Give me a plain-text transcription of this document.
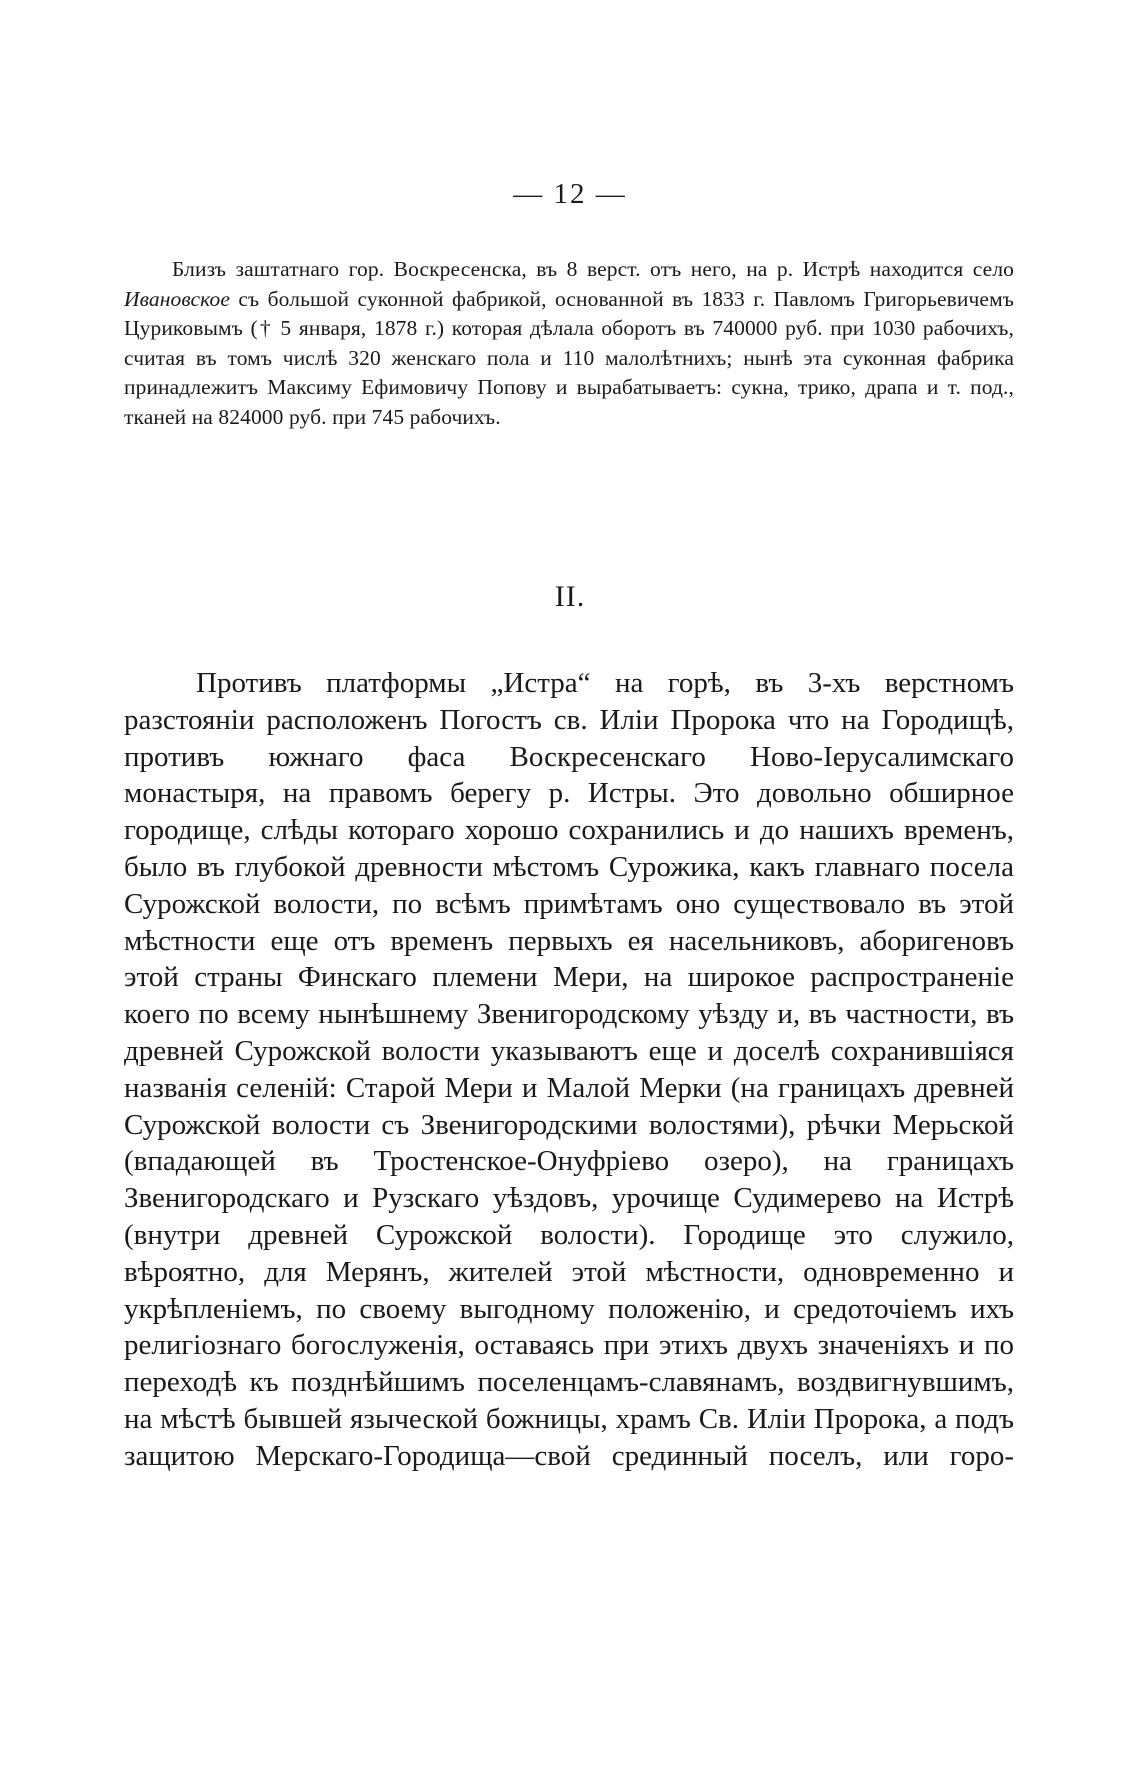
— 12 —

Близъ заштатнаго гор. Воскресенска, въ 8 верст. отъ него, на р. Истрѣ находится село Ивановское съ большой суконной фабрикой, основанной въ 1833 г. Павломъ Григорьевичемъ Цуриковымъ († 5 января, 1878 г.) которая дѣлала оборотъ въ 740000 руб. при 1030 рабочихъ, считая въ томъ числѣ 320 женскаго пола и 110 малолѣтнихъ; нынѣ эта суконная фабрика принадлежитъ Максиму Ефимовичу Попову и вырабатываетъ: сукна, трико, драпа и т. под., тканей на 824000 руб. при 745 рабочихъ.

II.

Противъ платформы „Истра“ на горѣ, въ 3-хъ верстномъ разстояніи расположенъ Погостъ св. Иліи Пророка что на Городищѣ, противъ южнаго фаса Воскресенскаго Ново-Іерусалимскаго монастыря, на правомъ берегу р. Истры. Это довольно обширное городище, слѣды котораго хорошо сохранились и до нашихъ временъ, было въ глубокой древности мѣстомъ Сурожика, какъ главнаго посела Сурожской волости, по всѣмъ примѣтамъ оно существовало въ этой мѣстности еще отъ временъ первыхъ ея насельниковъ, аборигеновъ этой страны Финскаго племени Мери, на широкое распространеніе коего по всему нынѣшнему Звенигородскому уѣзду и, въ частности, въ древней Сурожской волости указываютъ еще и доселѣ сохранившіяся названія селеній: Старой Мери и Малой Мерки (на границахъ древней Сурожской волости съ Звенигородскими волостями), рѣчки Мерьской (впадающей въ Тростенское-Онуфріево озеро), на границахъ Звенигородскаго и Рузскаго уѣздовъ, урочище Судимерево на Истрѣ (внутри древней Сурожской волости). Городище это служило, вѣроятно, для Мерянъ, жителей этой мѣстности, одновременно и укрѣпленіемъ, по своему выгодному положенію, и средоточіемъ ихъ религіознаго богослуженія, оставаясь при этихъ двухъ значеніяхъ и по переходѣ къ позднѣйшимъ поселенцамъ-славянамъ, воздвигнувшимъ, на мѣстѣ бывшей языческой божницы, храмъ Св. Иліи Пророка, а подъ защитою Мерскаго-Городища—свой срединный поселъ, или горо-
